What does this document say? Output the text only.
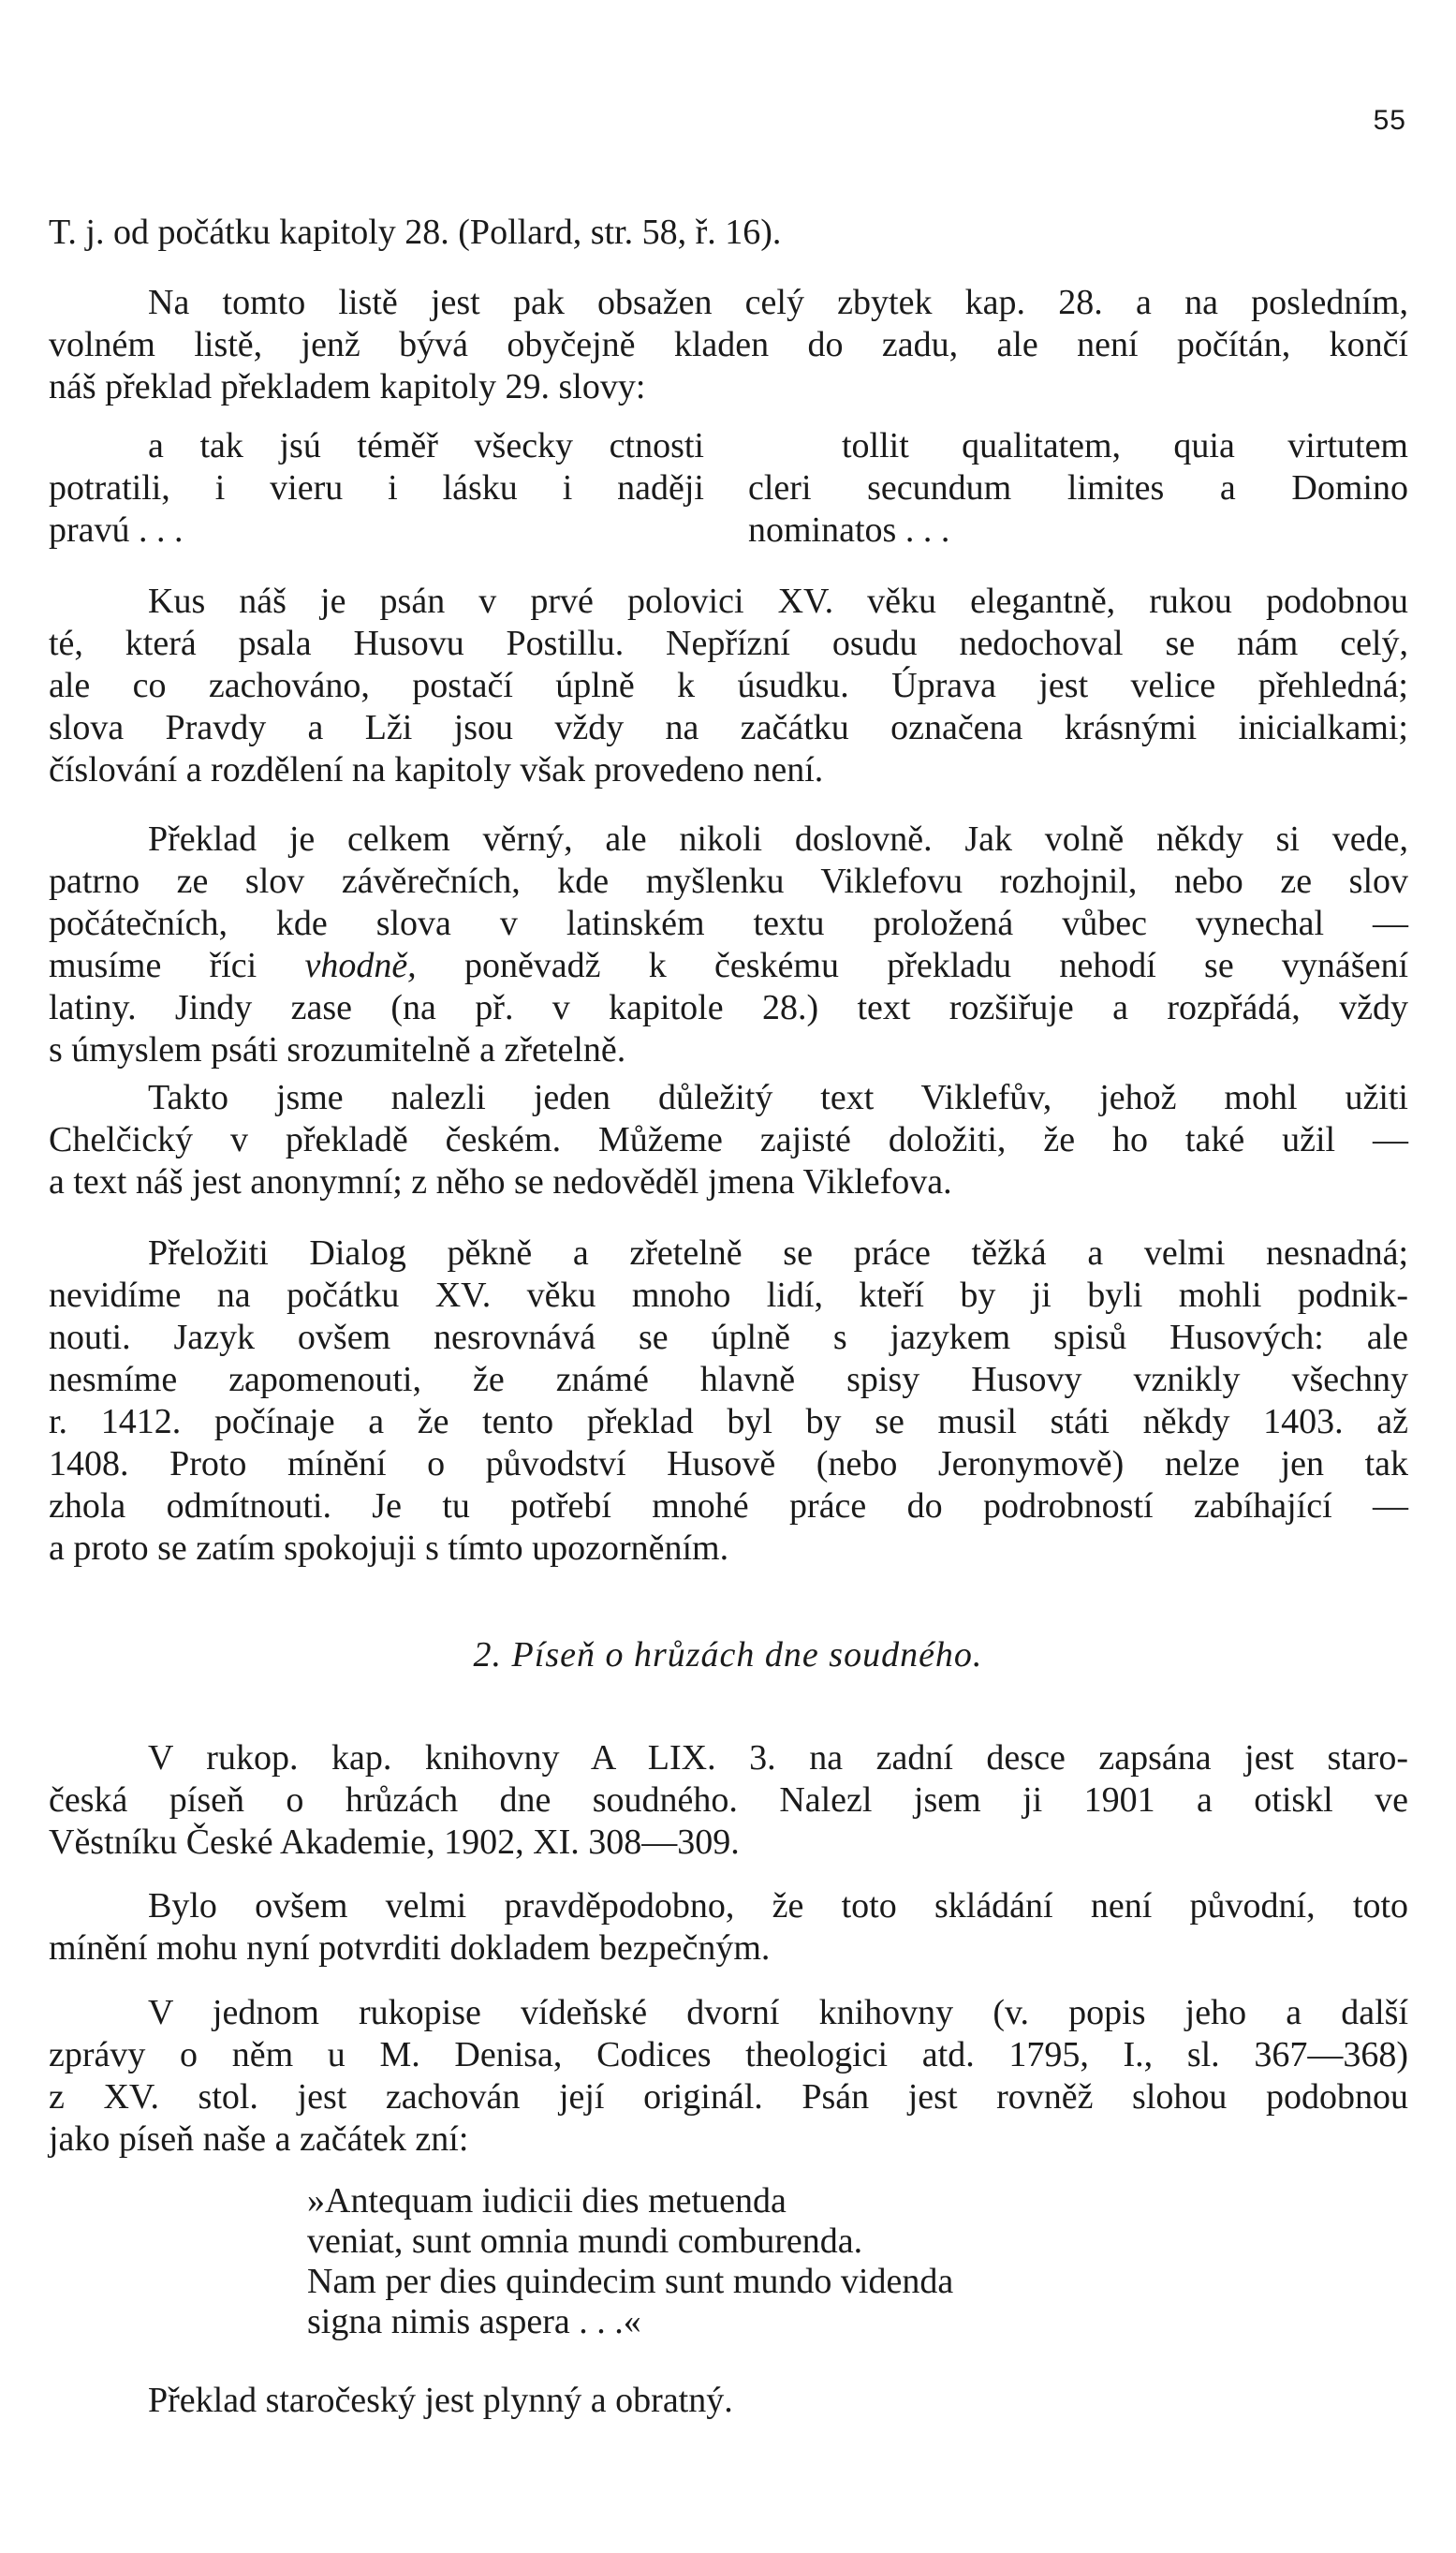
55
T. j. od počátku kapitoly 28. (Pollard, str. 58, ř. 16).
Na tomto listě jest pak obsažen celý zbytek kap. 28. a na posledním,
volném listě, jenž bývá obyčejně kladen do zadu, ale není počítán, končí
náš překlad překladem kapitoly 29. slovy:
a tak jsú téměř všecky ctnosti
potratili, i vieru i lásku i naději
pravú . . .
tollit qualitatem, quia virtutem
cleri secundum limites a Domino
nominatos . . .
Kus náš je psán v prvé polovici XV. věku elegantně, rukou podobnou
té, která psala Husovu Postillu. Nepřízní osudu nedochoval se nám celý,
ale co zachováno, postačí úplně k úsudku. Úprava jest velice přehledná;
slova Pravdy a Lži jsou vždy na začátku označena krásnými inicialkami;
číslování a rozdělení na kapitoly však provedeno není.
Překlad je celkem věrný, ale nikoli doslovně. Jak volně někdy si vede,
patrno ze slov závěrečních, kde myšlenku Viklefovu rozhojnil, nebo ze slov
počátečních, kde slova v latinském textu proložená vůbec vynechal —
musíme říci vhodně, poněvadž k českému překladu nehodí se vynášení
latiny. Jindy zase (na př. v kapitole 28.) text rozšiřuje a rozpřádá, vždy
s úmyslem psáti srozumitelně a zřetelně.
Takto jsme nalezli jeden důležitý text Viklefův, jehož mohl užiti
Chelčický v překladě českém. Můžeme zajisté doložiti, že ho také užil —
a text náš jest anonymní; z něho se nedověděl jmena Viklefova.
Přeložiti Dialog pěkně a zřetelně se práce těžká a velmi nesnadná;
nevidíme na počátku XV. věku mnoho lidí, kteří by ji byli mohli podnik-
nouti. Jazyk ovšem nesrovnává se úplně s jazykem spisů Husových: ale
nesmíme zapomenouti, že známé hlavně spisy Husovy vznikly všechny
r. 1412. počínaje a že tento překlad byl by se musil státi někdy 1403. až
1408. Proto mínění o původství Husově (nebo Jeronymově) nelze jen tak
zhola odmítnouti. Je tu potřebí mnohé práce do podrobností zabíhající —
a proto se zatím spokojuji s tímto upozorněním.
2. Píseň o hrůzách dne soudného.
V rukop. kap. knihovny A LIX. 3. na zadní desce zapsána jest staro-
česká píseň o hrůzách dne soudného. Nalezl jsem ji 1901 a otiskl ve
Věstníku České Akademie, 1902, XI. 308—309.
Bylo ovšem velmi pravděpodobno, že toto skládání není původní, toto
mínění mohu nyní potvrditi dokladem bezpečným.
V jednom rukopise vídeňské dvorní knihovny (v. popis jeho a další
zprávy o něm u M. Denisa, Codices theologici atd. 1795, I., sl. 367—368)
z XV. stol. jest zachován její originál. Psán jest rovněž slohou podobnou
jako píseň naše a začátek zní:
»Antequam iudicii dies metuenda
veniat, sunt omnia mundi comburenda.
Nam per dies quindecim sunt mundo videnda
signa nimis aspera . . .«
Překlad staročeský jest plynný a obratný.
